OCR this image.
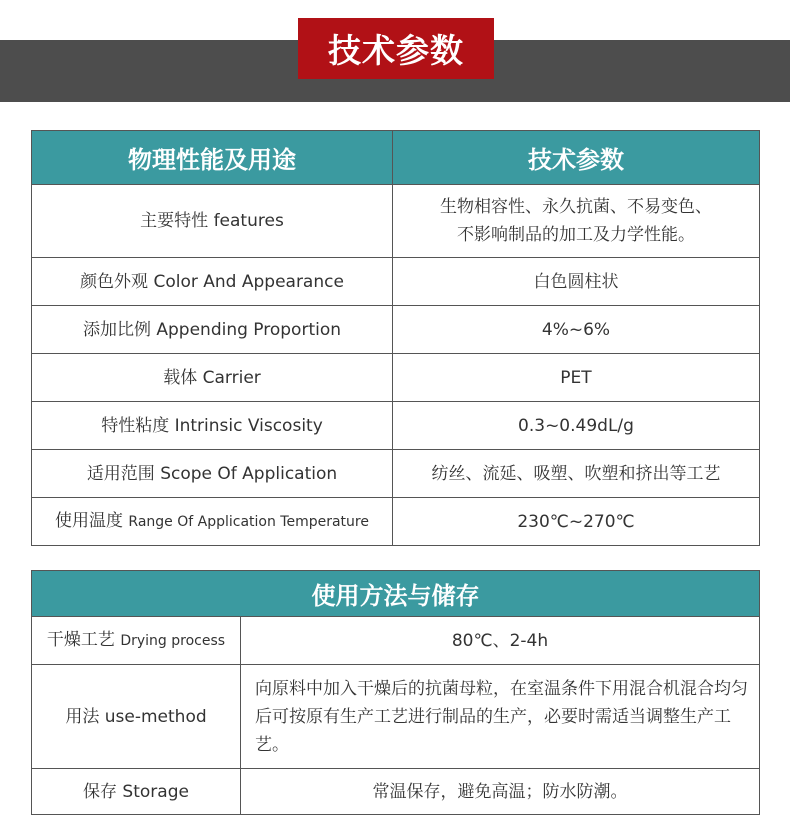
技术参数
物理性能及用途	技术参数
主要特性 features	生物相容性、永久抗菌、不易变色、
不影响制品的加工及力学性能。

颜色外观 Color And Appearance	白色圆柱状
添加比例 Appending Proportion	4%~6%
载体 Carrier	PET
特性粘度 Intrinsic Viscosity	0.3~0.49dL/g
适用范围 Scope Of Application	纺丝、流延、吸塑、吹塑和挤出等工艺
使用温度 Range Of Application Temperature	230℃~270℃
使用方法与储存	
干燥工艺 Drying process	80℃、2-4h
用法 use-method	向原料中加入干燥后的抗菌母粒，在室温条件下用混合机混合均匀后可按原有生产工艺进行制品的生产，必要时需适当调整生产工艺。
保存 Storage	常温保存，避免高温；防水防潮。
